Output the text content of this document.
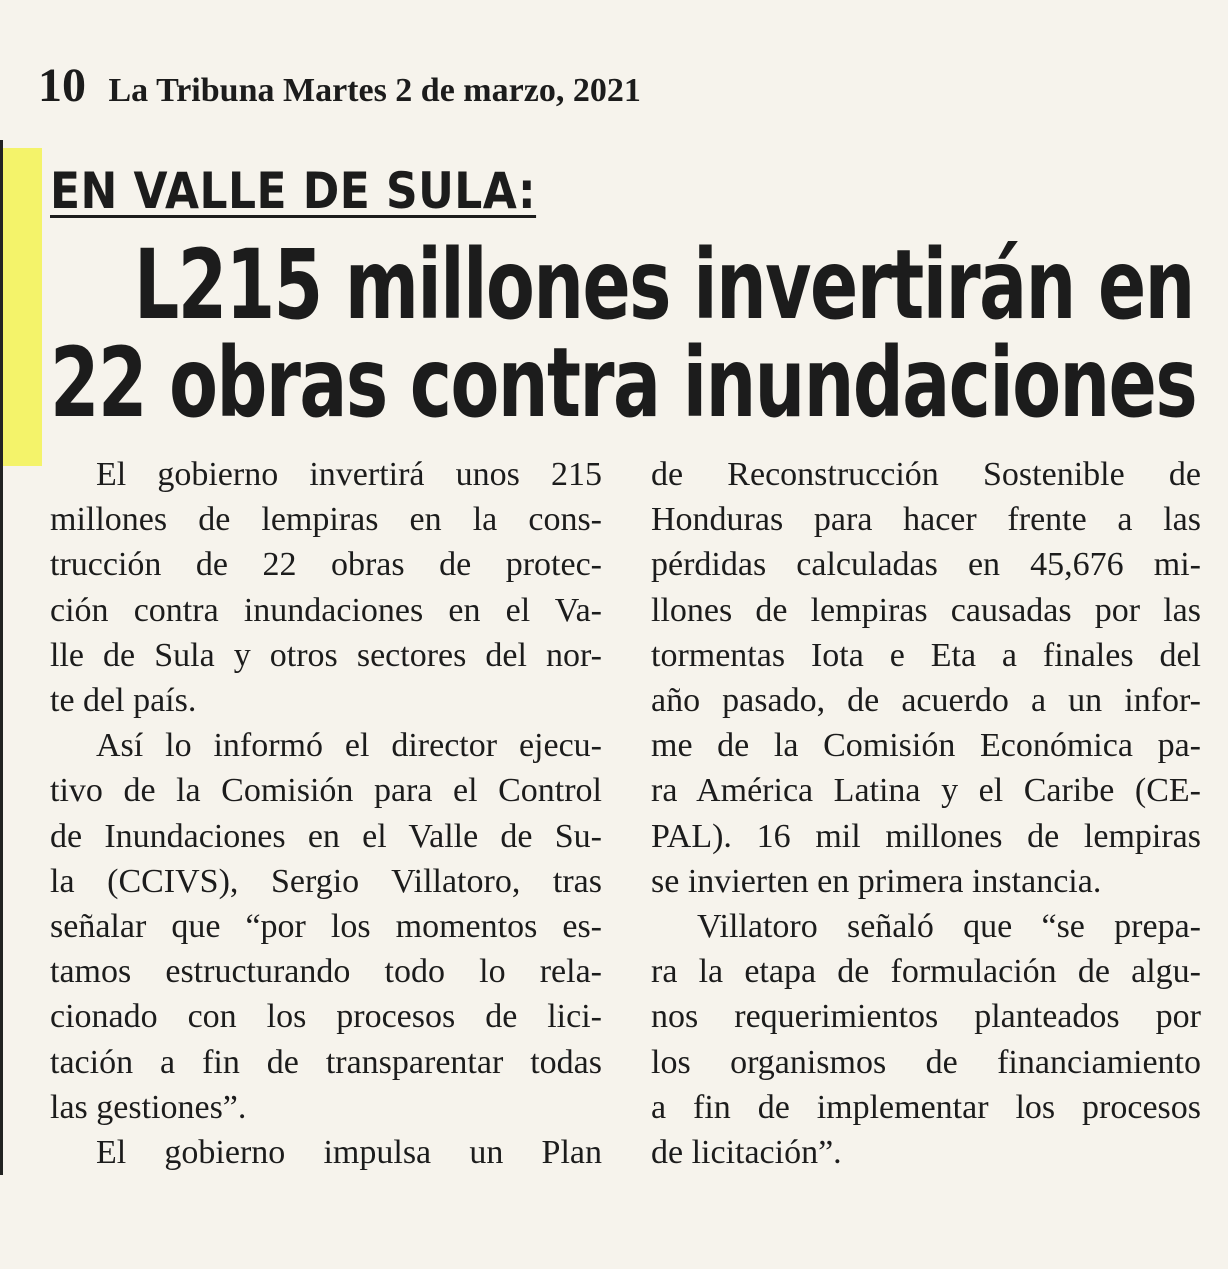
10 La Tribuna Martes 2 de marzo, 2021
EN VALLE DE SULA:
L215 millones invertirán en
22 obras contra inundaciones
El gobierno invertirá unos 215
millones de lempiras en la cons-
trucción de 22 obras de protec-
ción contra inundaciones en el Va-
lle de Sula y otros sectores del nor-
te del país.
Así lo informó el director ejecu-
tivo de la Comisión para el Control
de Inundaciones en el Valle de Su-
la (CCIVS), Sergio Villatoro, tras
señalar que “por los momentos es-
tamos estructurando todo lo rela-
cionado con los procesos de lici-
tación a fin de transparentar todas
las gestiones”.
El gobierno impulsa un Plan
de Reconstrucción Sostenible de
Honduras para hacer frente a las
pérdidas calculadas en 45,676 mi-
llones de lempiras causadas por las
tormentas Iota e Eta a finales del
año pasado, de acuerdo a un infor-
me de la Comisión Económica pa-
ra América Latina y el Caribe (CE-
PAL). 16 mil millones de lempiras
se invierten en primera instancia.
Villatoro señaló que “se prepa-
ra la etapa de formulación de algu-
nos requerimientos planteados por
los organismos de financiamiento
a fin de implementar los procesos
de licitación”.
